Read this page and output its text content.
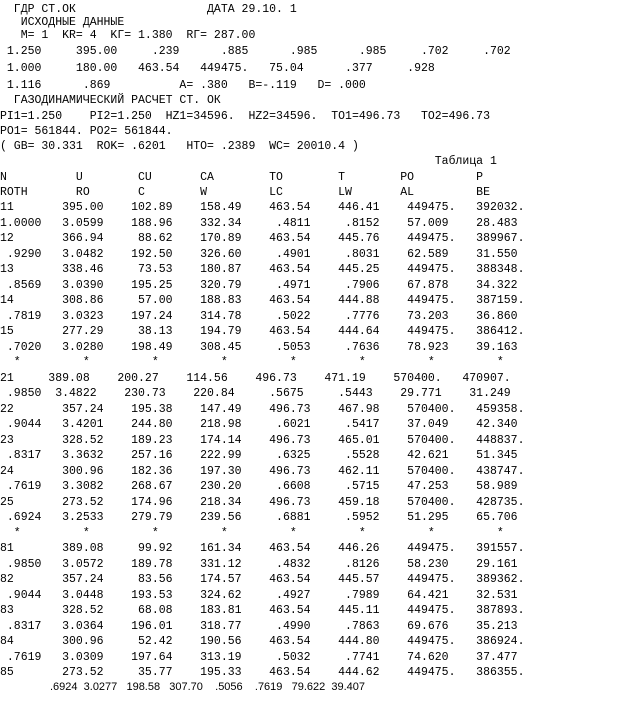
ГДР СТ.ОК                   ДАТА 29.10. 1
ИСХОДНЫЕ ДАННЫЕ
M= 1  KR= 4  KГ= 1.380  RГ= 287.00
1.250     395.00     .239      .885      .985      .985     .702     .702
1.000     180.00   463.54   449475.   75.04      .377     .928
1.116      .869          A= .380   B=-.119   D= .000
ГАЗОДИНАМИЧЕСКИЙ РАСЧЕТ СТ. ОК
PI1=1.250    PI2=1.250  HZ1=34596.  HZ2=34596.  TO1=496.73   TO2=496.73
PO1= 561844. PO2= 561844.
( GB= 30.331  ROK= .6201   HTO= .2389  WC= 20010.4 )
Таблица 1
N          U        CU       CA        TO        T        PO         P
ROTH       RO       C        W         LC        LW       AL         BE
11       395.00    102.89    158.49    463.54    446.41    449475.   392032.
1.0000   3.0599    188.96    332.34     .4811     .8152    57.009    28.483
12       366.94     88.62    170.89    463.54    445.76    449475.   389967.
.9290   3.0482    192.50    326.60     .4901     .8031    62.589    31.550
13       338.46     73.53    180.87    463.54    445.25    449475.   388348.
.8569   3.0390    195.25    320.79     .4971     .7906    67.878    34.322
14       308.86     57.00    188.83    463.54    444.88    449475.   387159.
.7819   3.0323    197.24    314.78     .5022     .7776    73.203    36.860
15       277.29     38.13    194.79    463.54    444.64    449475.   386412.
.7020   3.0280    198.49    308.45     .5053     .7636    78.923    39.163
*         *         *         *         *         *         *         *
21     389.08    200.27    114.56    496.73    471.19    570400.   470907.
.9850  3.4822    230.73    220.84     .5675     .5443    29.771    31.249
22       357.24    195.38    147.49    496.73    467.98    570400.   459358.
.9044   3.4201    244.80    218.98     .6021     .5417    37.049    42.340
23       328.52    189.23    174.14    496.73    465.01    570400.   448837.
.8317   3.3632    257.16    222.99     .6325     .5528    42.621    51.345
24       300.96    182.36    197.30    496.73    462.11    570400.   438747.
.7619   3.3082    268.67    230.20     .6608     .5715    47.253    58.989
25       273.52    174.96    218.34    496.73    459.18    570400.   428735.
.6924   3.2533    279.79    239.56     .6881     .5952    51.295    65.706
*         *         *         *         *         *         *         *
81       389.08     99.92    161.34    463.54    446.26    449475.   391557.
.9850   3.0572    189.78    331.12     .4832     .8126    58.230    29.161
82       357.24     83.56    174.57    463.54    445.57    449475.   389362.
.9044   3.0448    193.53    324.62     .4927     .7989    64.421    32.531
83       328.52     68.08    183.81    463.54    445.11    449475.   387893.
.8317   3.0364    196.01    318.77     .4990     .7863    69.676    35.213
84       300.96     52.42    190.56    463.54    444.80    449475.   386924.
.7619   3.0309    197.64    313.19     .5032     .7741    74.620    37.477
85       273.52     35.77    195.33    463.54    444.62    449475.   386355.
.6924  3.0277   198.58   307.70    .5056    .7619   79.622  39.407
